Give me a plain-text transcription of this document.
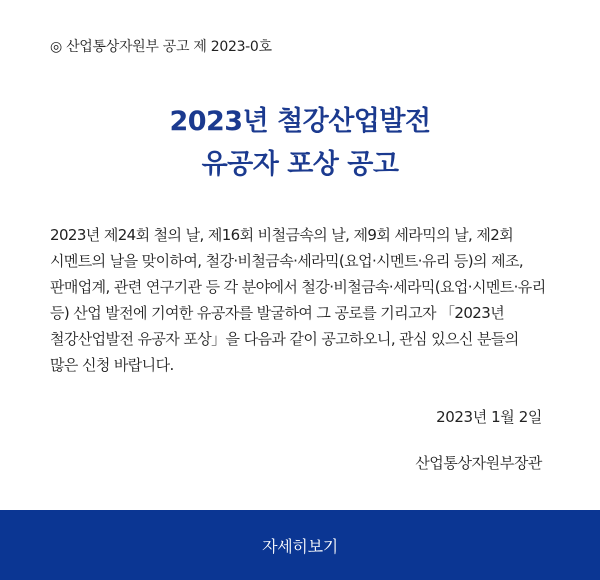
◎ 산업통상자원부 공고 제 2023-0호
2023년 철강산업발전
유공자 포상 공고
2023년 제24회 철의 날, 제16회 비철금속의 날, 제9회 세라믹의 날, 제2회 시멘트의 날을 맞이하여, 철강·비철금속·세라믹(요업·시멘트·유리 등)의 제조, 판매업계, 관련 연구기관 등 각 분야에서 철강·비철금속·세라믹(요업·시멘트·유리 등) 산업 발전에 기여한 유공자를 발굴하여 그 공로를 기리고자 「2023년 철강산업발전 유공자 포상」을 다음과 같이 공고하오니, 관심 있으신 분들의 많은 신청 바랍니다.
2023년 1월 2일
산업통상자원부장관
자세히보기
